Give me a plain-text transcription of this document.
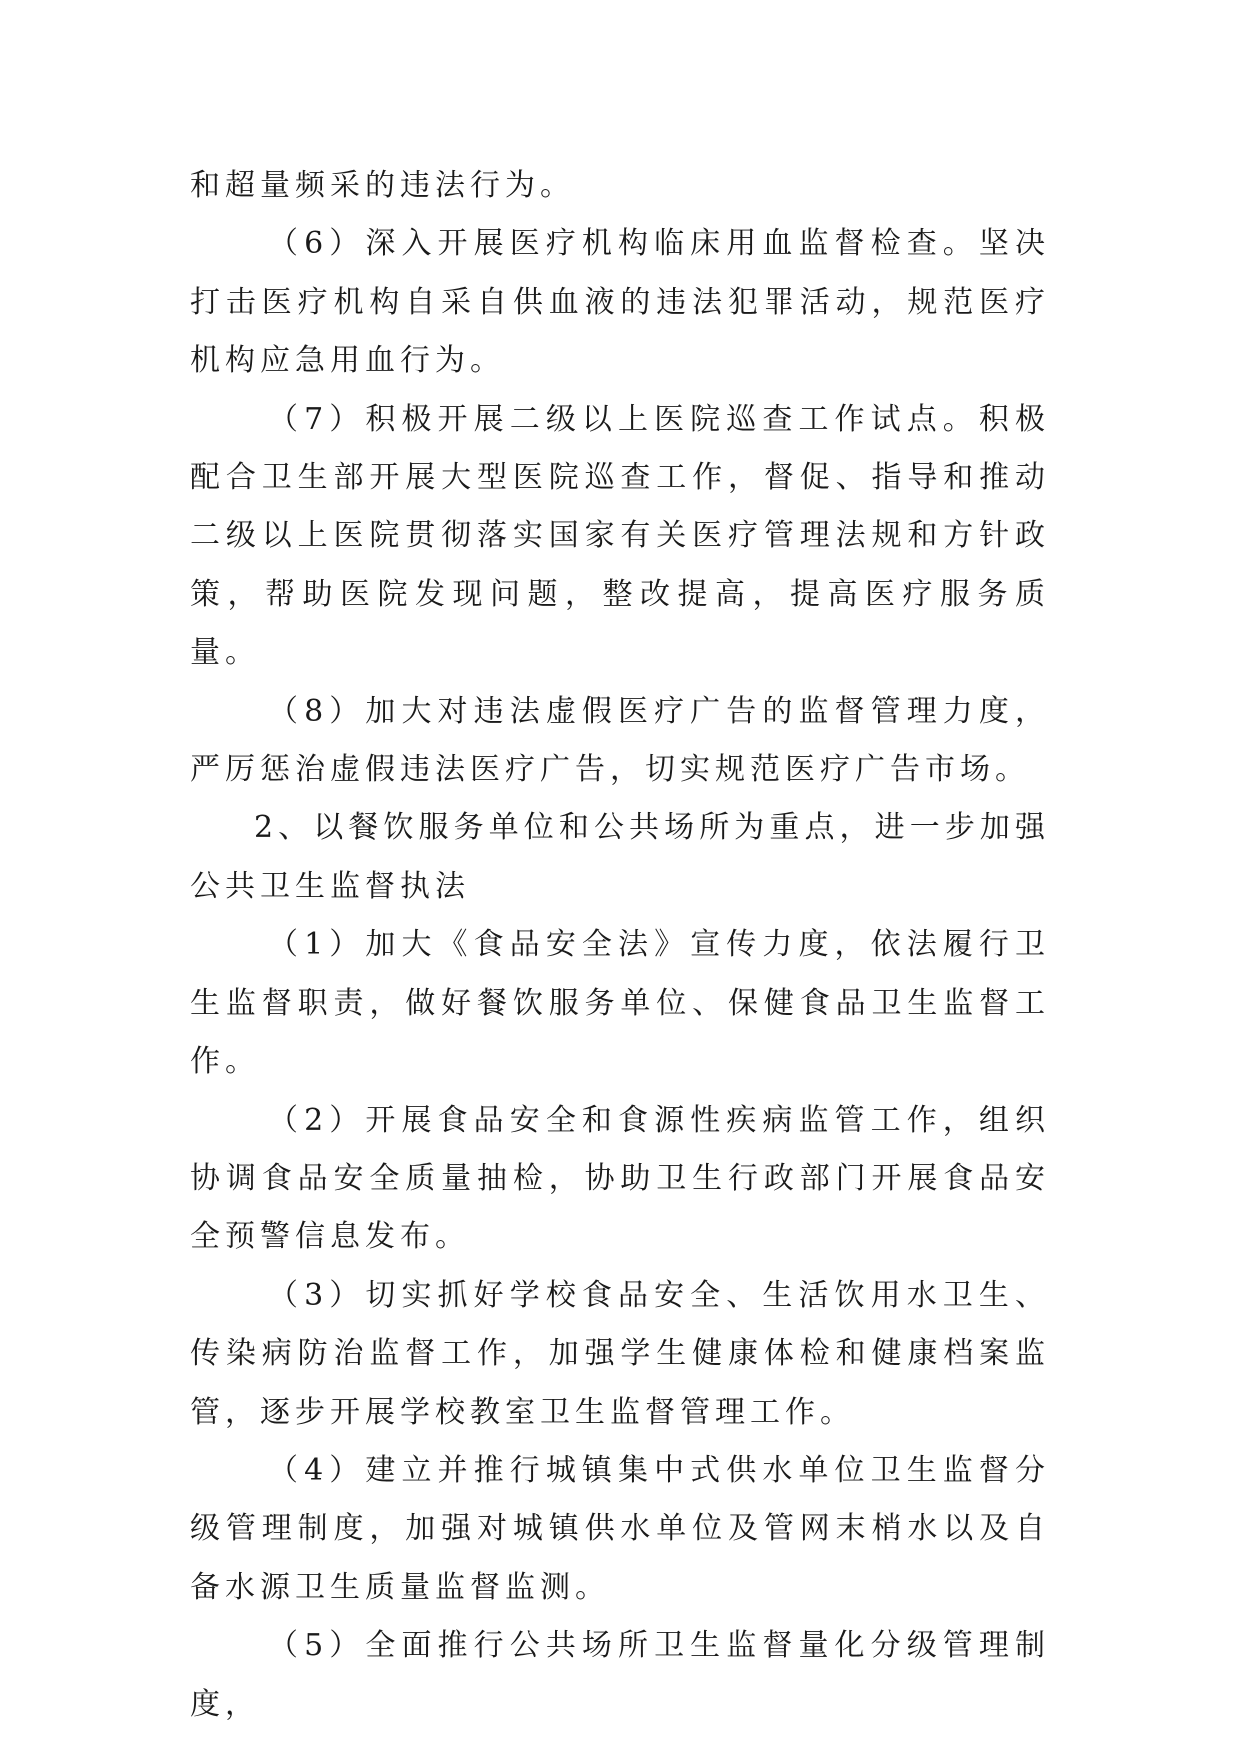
和超量频采的违法行为。

（6）深入开展医疗机构临床用血监督检查。坚决打击医疗机构自采自供血液的违法犯罪活动，规范医疗机构应急用血行为。

（7）积极开展二级以上医院巡查工作试点。积极配合卫生部开展大型医院巡查工作，督促、指导和推动二级以上医院贯彻落实国家有关医疗管理法规和方针政策，帮助医院发现问题，整改提高，提高医疗服务质量。

（8）加大对违法虚假医疗广告的监督管理力度，严厉惩治虚假违法医疗广告，切实规范医疗广告市场。

2、以餐饮服务单位和公共场所为重点，进一步加强公共卫生监督执法

（1）加大《食品安全法》宣传力度，依法履行卫生监督职责，做好餐饮服务单位、保健食品卫生监督工作。

（2）开展食品安全和食源性疾病监管工作，组织协调食品安全质量抽检，协助卫生行政部门开展食品安全预警信息发布。

（3）切实抓好学校食品安全、生活饮用水卫生、传染病防治监督工作，加强学生健康体检和健康档案监管，逐步开展学校教室卫生监督管理工作。

（4）建立并推行城镇集中式供水单位卫生监督分级管理制度，加强对城镇供水单位及管网末梢水以及自备水源卫生质量监督监测。

（5）全面推行公共场所卫生监督量化分级管理制度，
